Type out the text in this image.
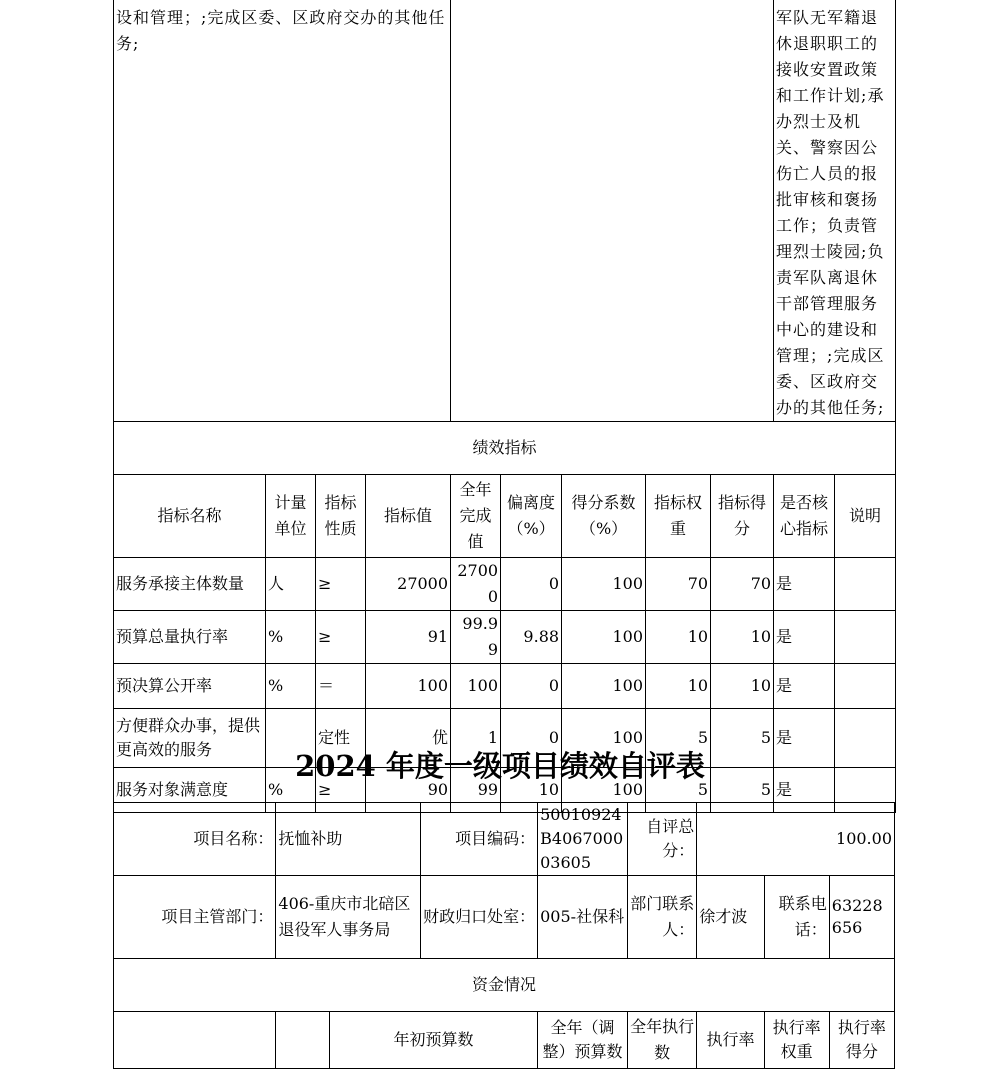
设和管理；;完成区委、区政府交办的其他任务;									军队无军籍退休退职职工的接收安置政策和工作计划;承办烈士及机关、警察因公伤亡人员的报批审核和褒扬工作；负责管理烈士陵园;负责军队离退休干部管理服务中心的建设和管理；;完成区委、区政府交办的其他任务;	
绩效指标										
指标名称	计量单位	指标性质	指标值	全年完成值	偏离度（%）	得分系数（%）	指标权重	指标得分	是否核心指标	说明
服务承接主体数量	人	≥	27000	27000	0	100	70	70	是	
预算总量执行率	%	≥	91	99.99	9.88	100	10	10	是	
预决算公开率	%	＝	100	100	0	100	10	10	是	
方便群众办事，提供更高效的服务		定性	优	1	0	100	5	5	是	
服务对象满意度	%	≥	90	99	10	100	5	5	是	
2024 年度一级项目绩效自评表
项目名称：	抚恤补助		项目编码：	50010924B406700003605	自评总分：	100.00		
项目主管部门：	406-重庆市北碚区退役军人事务局		财政归口处室：	005-社保科	部门联系人：	徐才波	联系电话：	63228656
资金情况								
		年初预算数		全年（调整）预算数	全年执行数	执行率	执行率权重	执行率得分
